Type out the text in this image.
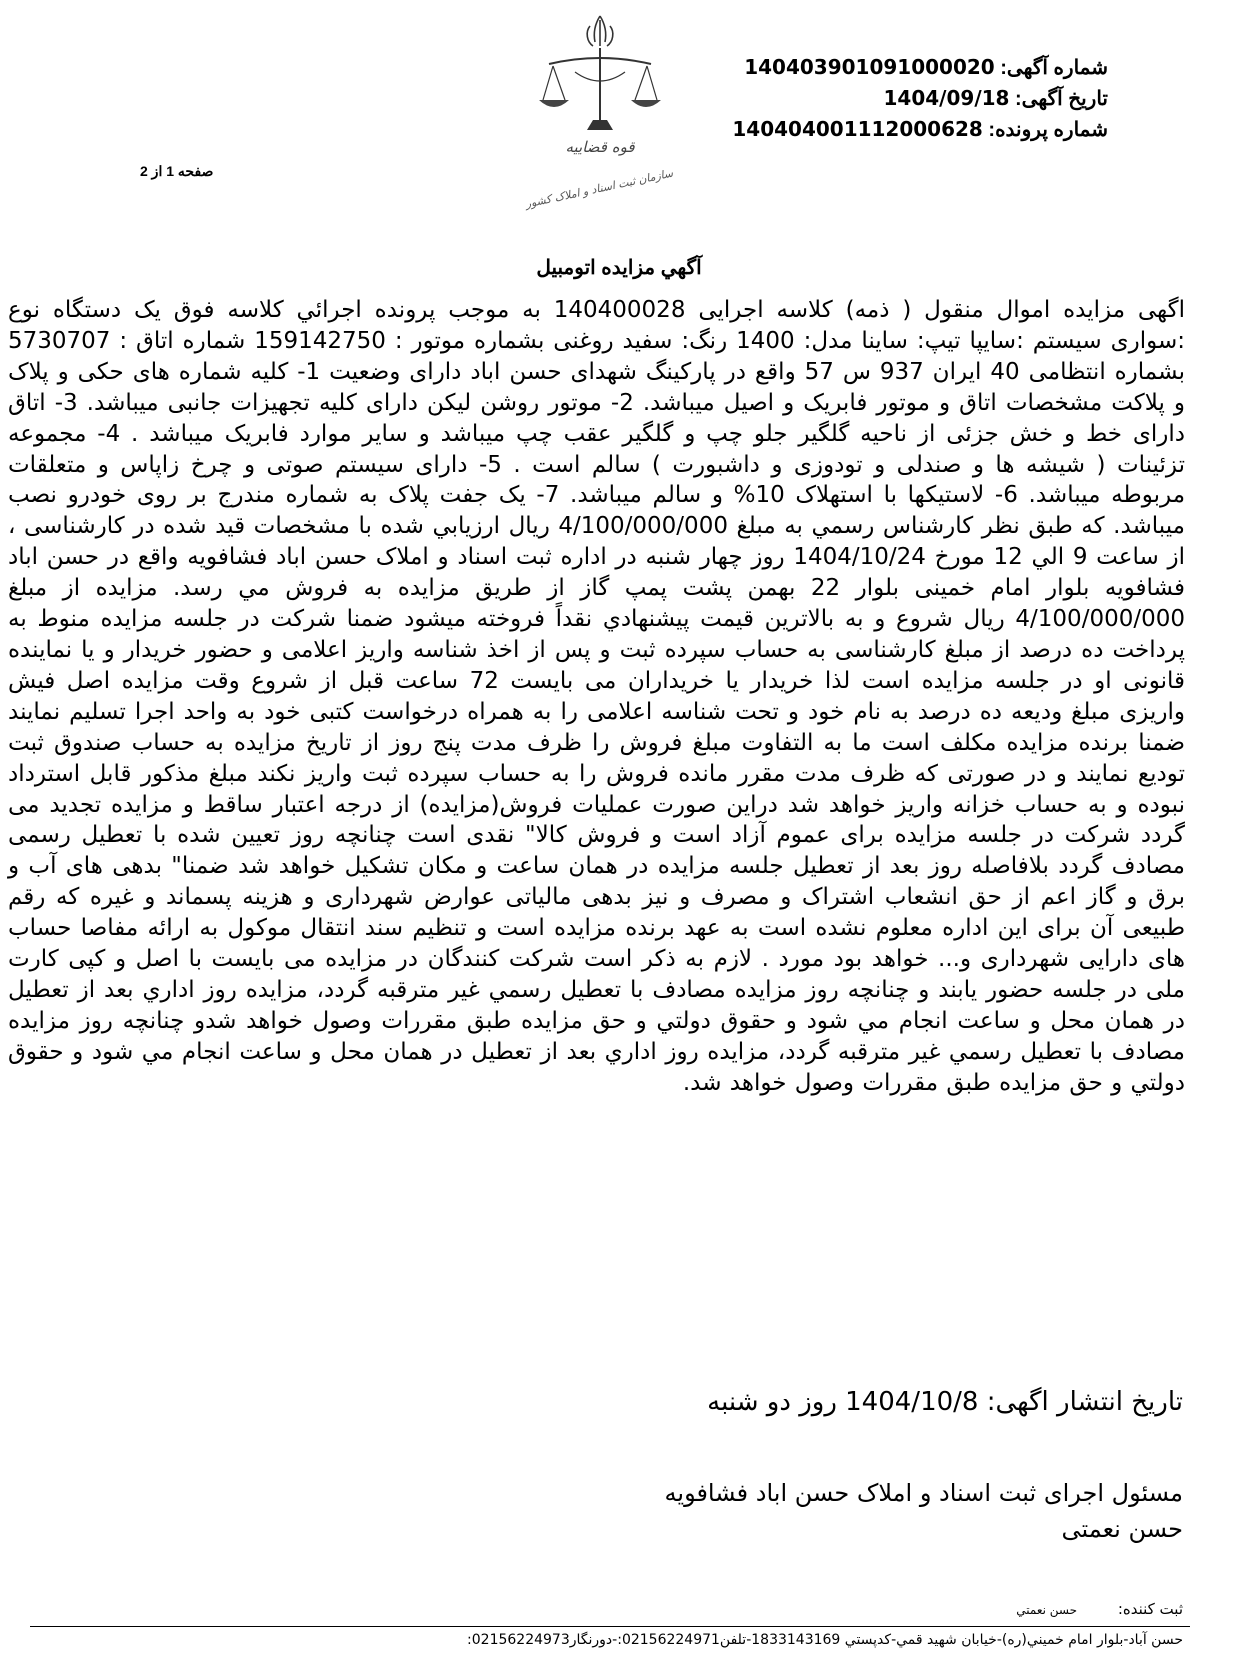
شماره آگهی: 140403901091000020
تاریخ آگهی: 1404/09/18
شماره پرونده: 140404001112000628
صفحه 1 از 2
قوه قضاییه
سازمان ثبت اسناد و املاک کشور
آگهي مزایده اتومبیل

اگهی مزایده اموال منقول ( ذمه) کلاسه اجرایی 140400028 به موجب پرونده اجرائي کلاسه فوق یک دستگاه نوع :سواری سیستم :سایپا تیپ: ساینا مدل: 1400 رنگ: سفید روغنی بشماره موتور : 159142750 شماره اتاق : 5730707 بشماره انتظامی 40 ایران 937 س 57 واقع در پارکینگ شهدای حسن اباد دارای وضعیت 1- کلیه شماره های حکی و پلاک و پلاکت مشخصات اتاق و موتور فابریک و اصیل میباشد. 2- موتور روشن لیکن دارای کلیه تجهیزات جانبی میباشد. 3- اتاق دارای خط و خش جزئی از ناحیه گلگیر جلو چپ و گلگیر عقب چپ میباشد و سایر موارد فابریک میباشد . 4- مجموعه تزئینات ( شیشه ها و صندلی و تودوزی و داشبورت ) سالم است . 5- دارای سیستم صوتی و چرخ زاپاس و متعلقات مربوطه میباشد. 6- لاستیکها با استهلاک 10% و سالم میباشد. 7- یک جفت پلاک به شماره مندرج بر روی خودرو نصب میباشد. که طبق نظر کارشناس رسمي به مبلغ 4/100/000/000 ریال ارزیابي شده با مشخصات قید شده در کارشناسی ، از ساعت 9 الي 12 مورخ 1404/10/24 روز چهار شنبه در اداره ثبت اسناد و املاک حسن اباد فشافویه واقع در حسن اباد فشافویه بلوار امام خمینی بلوار 22 بهمن پشت پمپ گاز از طریق مزایده به فروش مي رسد. مزایده از مبلغ 4/100/000/000 ریال شروع و به بالاترین قیمت پیشنهادي نقداً فروخته میشود ضمنا شرکت در جلسه مزایده منوط به پرداخت ده درصد از مبلغ کارشناسی به حساب سپرده ثبت و پس از اخذ شناسه واریز اعلامی و حضور خریدار و یا نماینده قانونی او در جلسه مزایده است لذا خریدار یا خریداران می بایست 72 ساعت قبل از شروع وقت مزایده اصل فیش واریزی مبلغ ودیعه ده درصد به نام خود و تحت شناسه اعلامی را به همراه درخواست کتبی خود به واحد اجرا تسلیم نمایند ضمنا برنده مزایده مکلف است ما به التفاوت مبلغ فروش را ظرف مدت پنج روز از تاریخ مزایده به حساب صندوق ثبت تودیع نمایند و در صورتی که ظرف مدت مقرر مانده فروش را به حساب سپرده ثبت واریز نکند مبلغ مذکور قابل استرداد نبوده و به حساب خزانه واریز خواهد شد دراین صورت عملیات فروش(مزایده) از درجه اعتبار ساقط و مزایده تجدید می گردد شرکت در جلسه مزایده برای عموم آزاد است و فروش کالا" نقدی است چنانچه روز تعیین شده با تعطیل رسمی مصادف گردد بلافاصله روز بعد از تعطیل جلسه مزایده در همان ساعت و مکان تشکیل خواهد شد ضمنا" بدهی های آب و برق و گاز اعم از حق انشعاب اشتراک و مصرف و نیز بدهی مالیاتی عوارض شهرداری و هزینه پسماند و غیره که رقم طبیعی آن برای این اداره معلوم نشده است به عهد برنده مزایده است و تنظیم سند انتقال موکول به ارائه مفاصا حساب های دارایی شهرداری و... خواهد بود مورد . لازم به ذکر است شرکت کنندگان در مزایده می بایست با اصل و کپی کارت ملی در جلسه حضور یابند و چنانچه روز مزایده مصادف با تعطیل رسمي غیر مترقبه گردد، مزایده روز اداري بعد از تعطیل در همان محل و ساعت انجام مي شود و حقوق دولتي و حق مزایده طبق مقررات وصول خواهد شدو چنانچه روز مزایده مصادف با تعطیل رسمي غیر مترقبه گردد، مزایده روز اداري بعد از تعطیل در همان محل و ساعت انجام مي شود و حقوق دولتي و حق مزایده طبق مقررات وصول خواهد شد.

تاریخ انتشار اگهی: 1404/10/8 روز دو شنبه
مسئول اجرای ثبت اسناد و املاک حسن اباد فشافویه
حسن نعمتی
ثبت کننده: حسن نعمتي
حسن آباد-بلوار امام خميني(ره)-خيابان شهيد قمي-کدپستي 1833143169-تلفن02156224971:-دورنگار02156224973:
